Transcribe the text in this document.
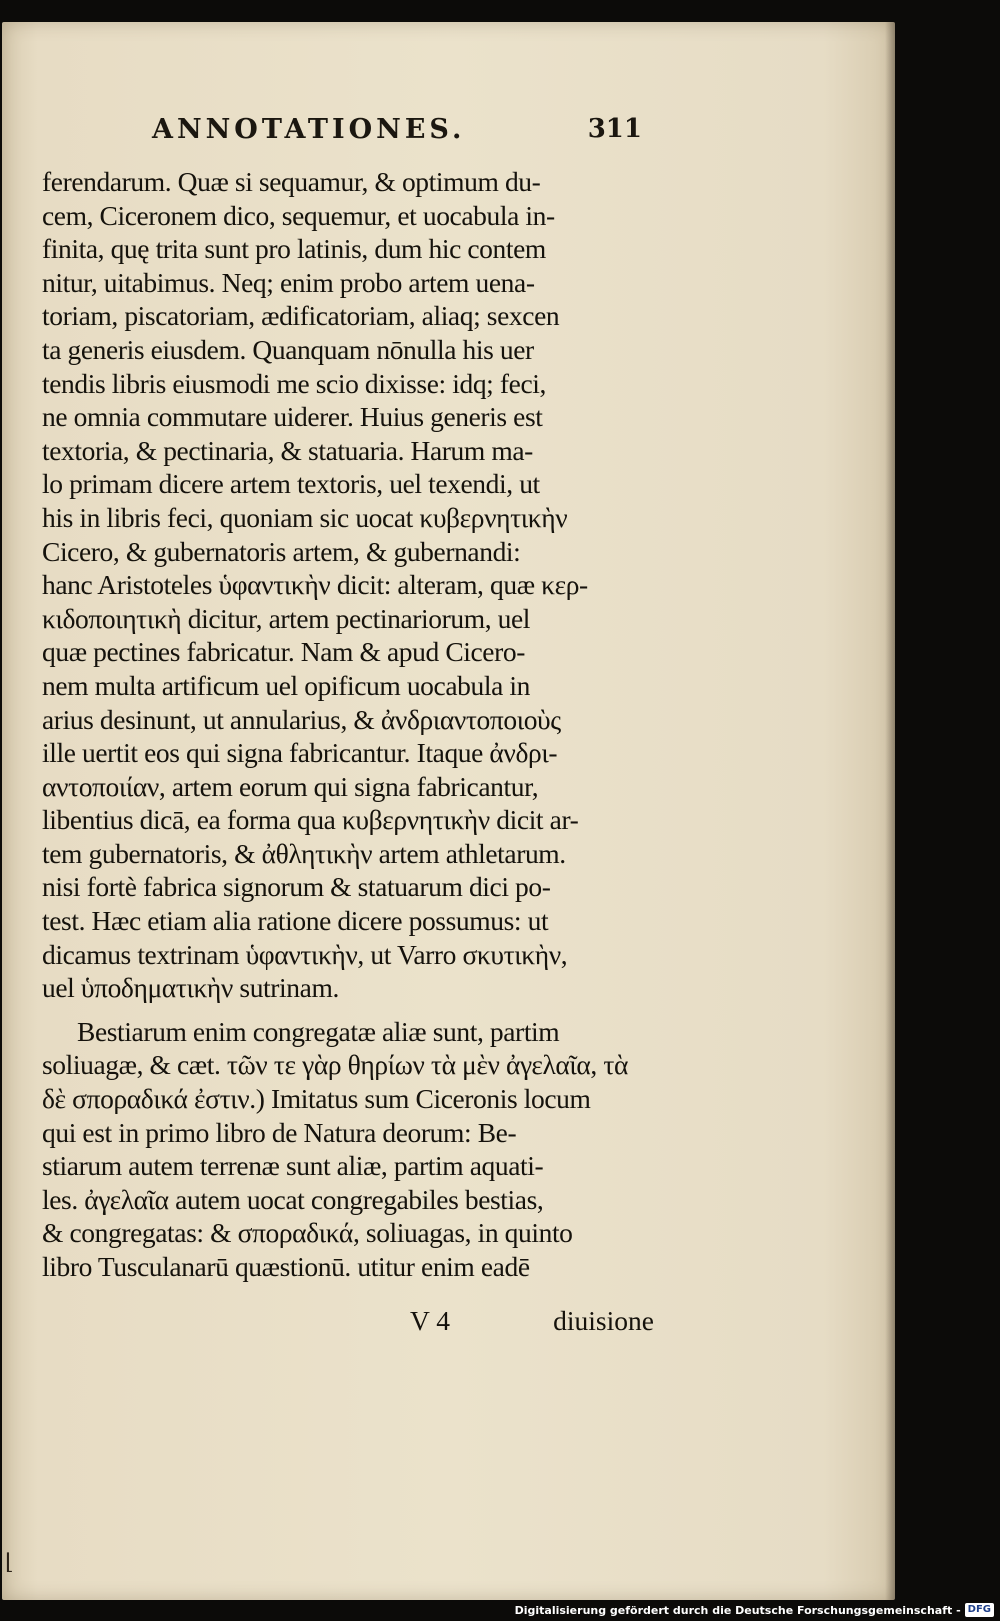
ANNOTATIONES.	311
ferendarum. Quæ si sequamur, & optimum du-
cem, Ciceronem dico, sequemur, et uocabula in-
finita, quę trita sunt pro latinis, dum hic contem
nitur, uitabimus. Neq; enim probo artem uena-
toriam, piscatoriam, ædificatoriam, aliaq; sexcen
ta generis eiusdem. Quanquam nōnulla his uer
tendis libris eiusmodi me scio dixisse: idq; feci,
ne omnia commutare uiderer. Huius generis est
textoria, & pectinaria, & statuaria. Harum ma-
lo primam dicere artem textoris, uel texendi, ut
his in libris feci, quoniam sic uocat κυβερνητικὴν
Cicero, & gubernatoris artem, & gubernandi:
hanc Aristoteles ὑφαντικὴν dicit: alteram, quæ κερ-
κιδοποιητικὴ dicitur, artem pectinariorum, uel
quæ pectines fabricatur. Nam & apud Cicero-
nem multa artificum uel opificum uocabula in
arius desinunt, ut annularius, & ἀνδριαντοποιοὺς
ille uertit eos qui signa fabricantur. Itaque ἀνδρι-
αντοποιίαν, artem eorum qui signa fabricantur,
libentius dicā, ea forma qua κυβερνητικὴν dicit ar-
tem gubernatoris, & ἀθλητικὴν artem athletarum.
nisi fortè fabrica signorum & statuarum dici po-
test. Hæc etiam alia ratione dicere possumus: ut
dicamus textrinam ὑφαντικὴν, ut Varro σκυτικὴν,
uel ὑποδηματικὴν sutrinam.
Bestiarum enim congregatæ aliæ sunt, partim
soliuagæ, & cæt. τῶν τε γὰρ θηρίων τὰ μὲν ἀγελαῖα, τὰ
δὲ σποραδικά ἐστιν.) Imitatus sum Ciceronis locum
qui est in primo libro de Natura deorum: Be-
stiarum autem terrenæ sunt aliæ, partim aquati-
les. ἀγελαῖα autem uocat congregabiles bestias,
& congregatas: & σποραδικά, soliuagas, in quinto
libro Tusculanarū quæstionū. utitur enim eadē
V 4	diuisione
⌊
Digitalisierung gefördert durch die Deutsche Forschungsgemeinschaft - DFG
